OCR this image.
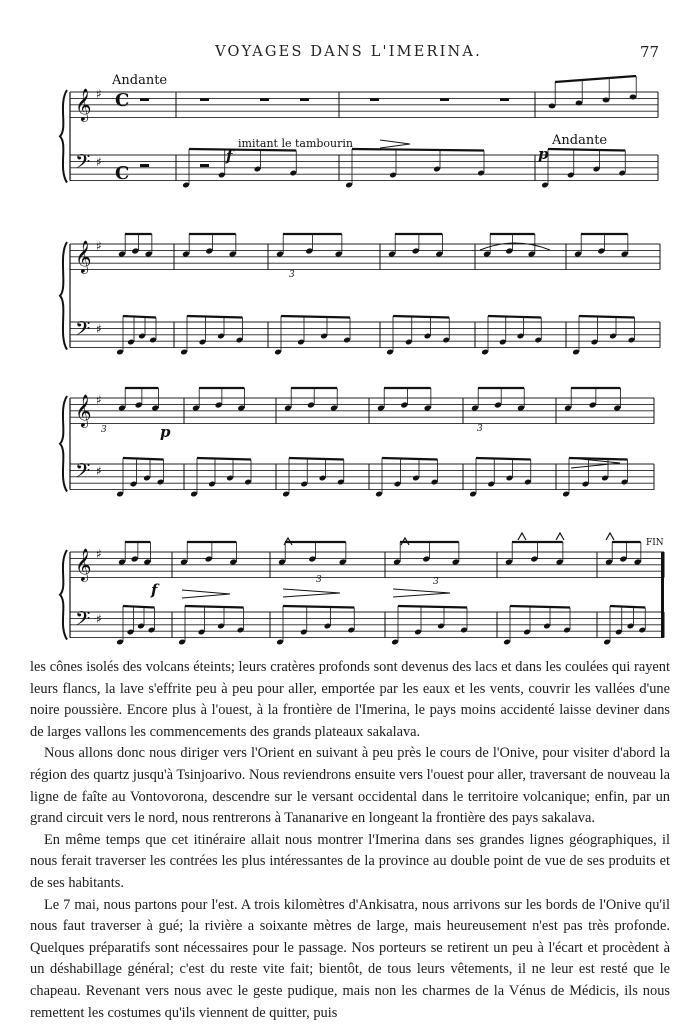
VOYAGES DANS L'IMERINA.	77
𝄞 ♯
𝄢 ♯
𝄞 ♯
𝄢 ♯
𝄞 ♯
𝄢 ♯
𝄞 ♯
𝄢 ♯
Andante
Andante
imitant le tambourin
f	p
p
f
3
3	3
3	3
FIN
C
C

les cônes isolés des volcans éteints; leurs cratères profonds sont devenus des lacs et dans les coulées qui rayent leurs flancs, la lave s'effrite peu à peu pour aller, emportée par les eaux et les vents, couvrir les vallées d'une noire poussière. Encore plus à l'ouest, à la frontière de l'Imerina, le pays moins accidenté laisse deviner dans de larges vallons les commencements des grands plateaux sakalava.

Nous allons donc nous diriger vers l'Orient en suivant à peu près le cours de l'Onive, pour visiter d'abord la région des quartz jusqu'à Tsinjoarivo. Nous reviendrons ensuite vers l'ouest pour aller, traversant de nouveau la ligne de faîte au Vontovorona, descendre sur le versant occidental dans le territoire volcanique; enfin, par un grand circuit vers le nord, nous rentrerons à Tananarive en longeant la frontière des pays sakalava.

En même temps que cet itinéraire allait nous montrer l'Imerina dans ses grandes lignes géographiques, il nous ferait traverser les contrées les plus intéressantes de la province au double point de vue de ses produits et de ses habitants.

Le 7 mai, nous partons pour l'est. A trois kilomètres d'Ankisatra, nous arrivons sur les bords de l'Onive qu'il nous faut traverser à gué; la rivière a soixante mètres de large, mais heureusement n'est pas très profonde. Quelques préparatifs sont nécessaires pour le passage. Nos porteurs se retirent un peu à l'écart et procèdent à un déshabillage général; c'est du reste vite fait; bientôt, de tous leurs vêtements, il ne leur est resté que le chapeau. Revenant vers nous avec le geste pudique, mais non les charmes de la Vénus de Médicis, ils nous remettent les costumes qu'ils viennent de quitter, puis
